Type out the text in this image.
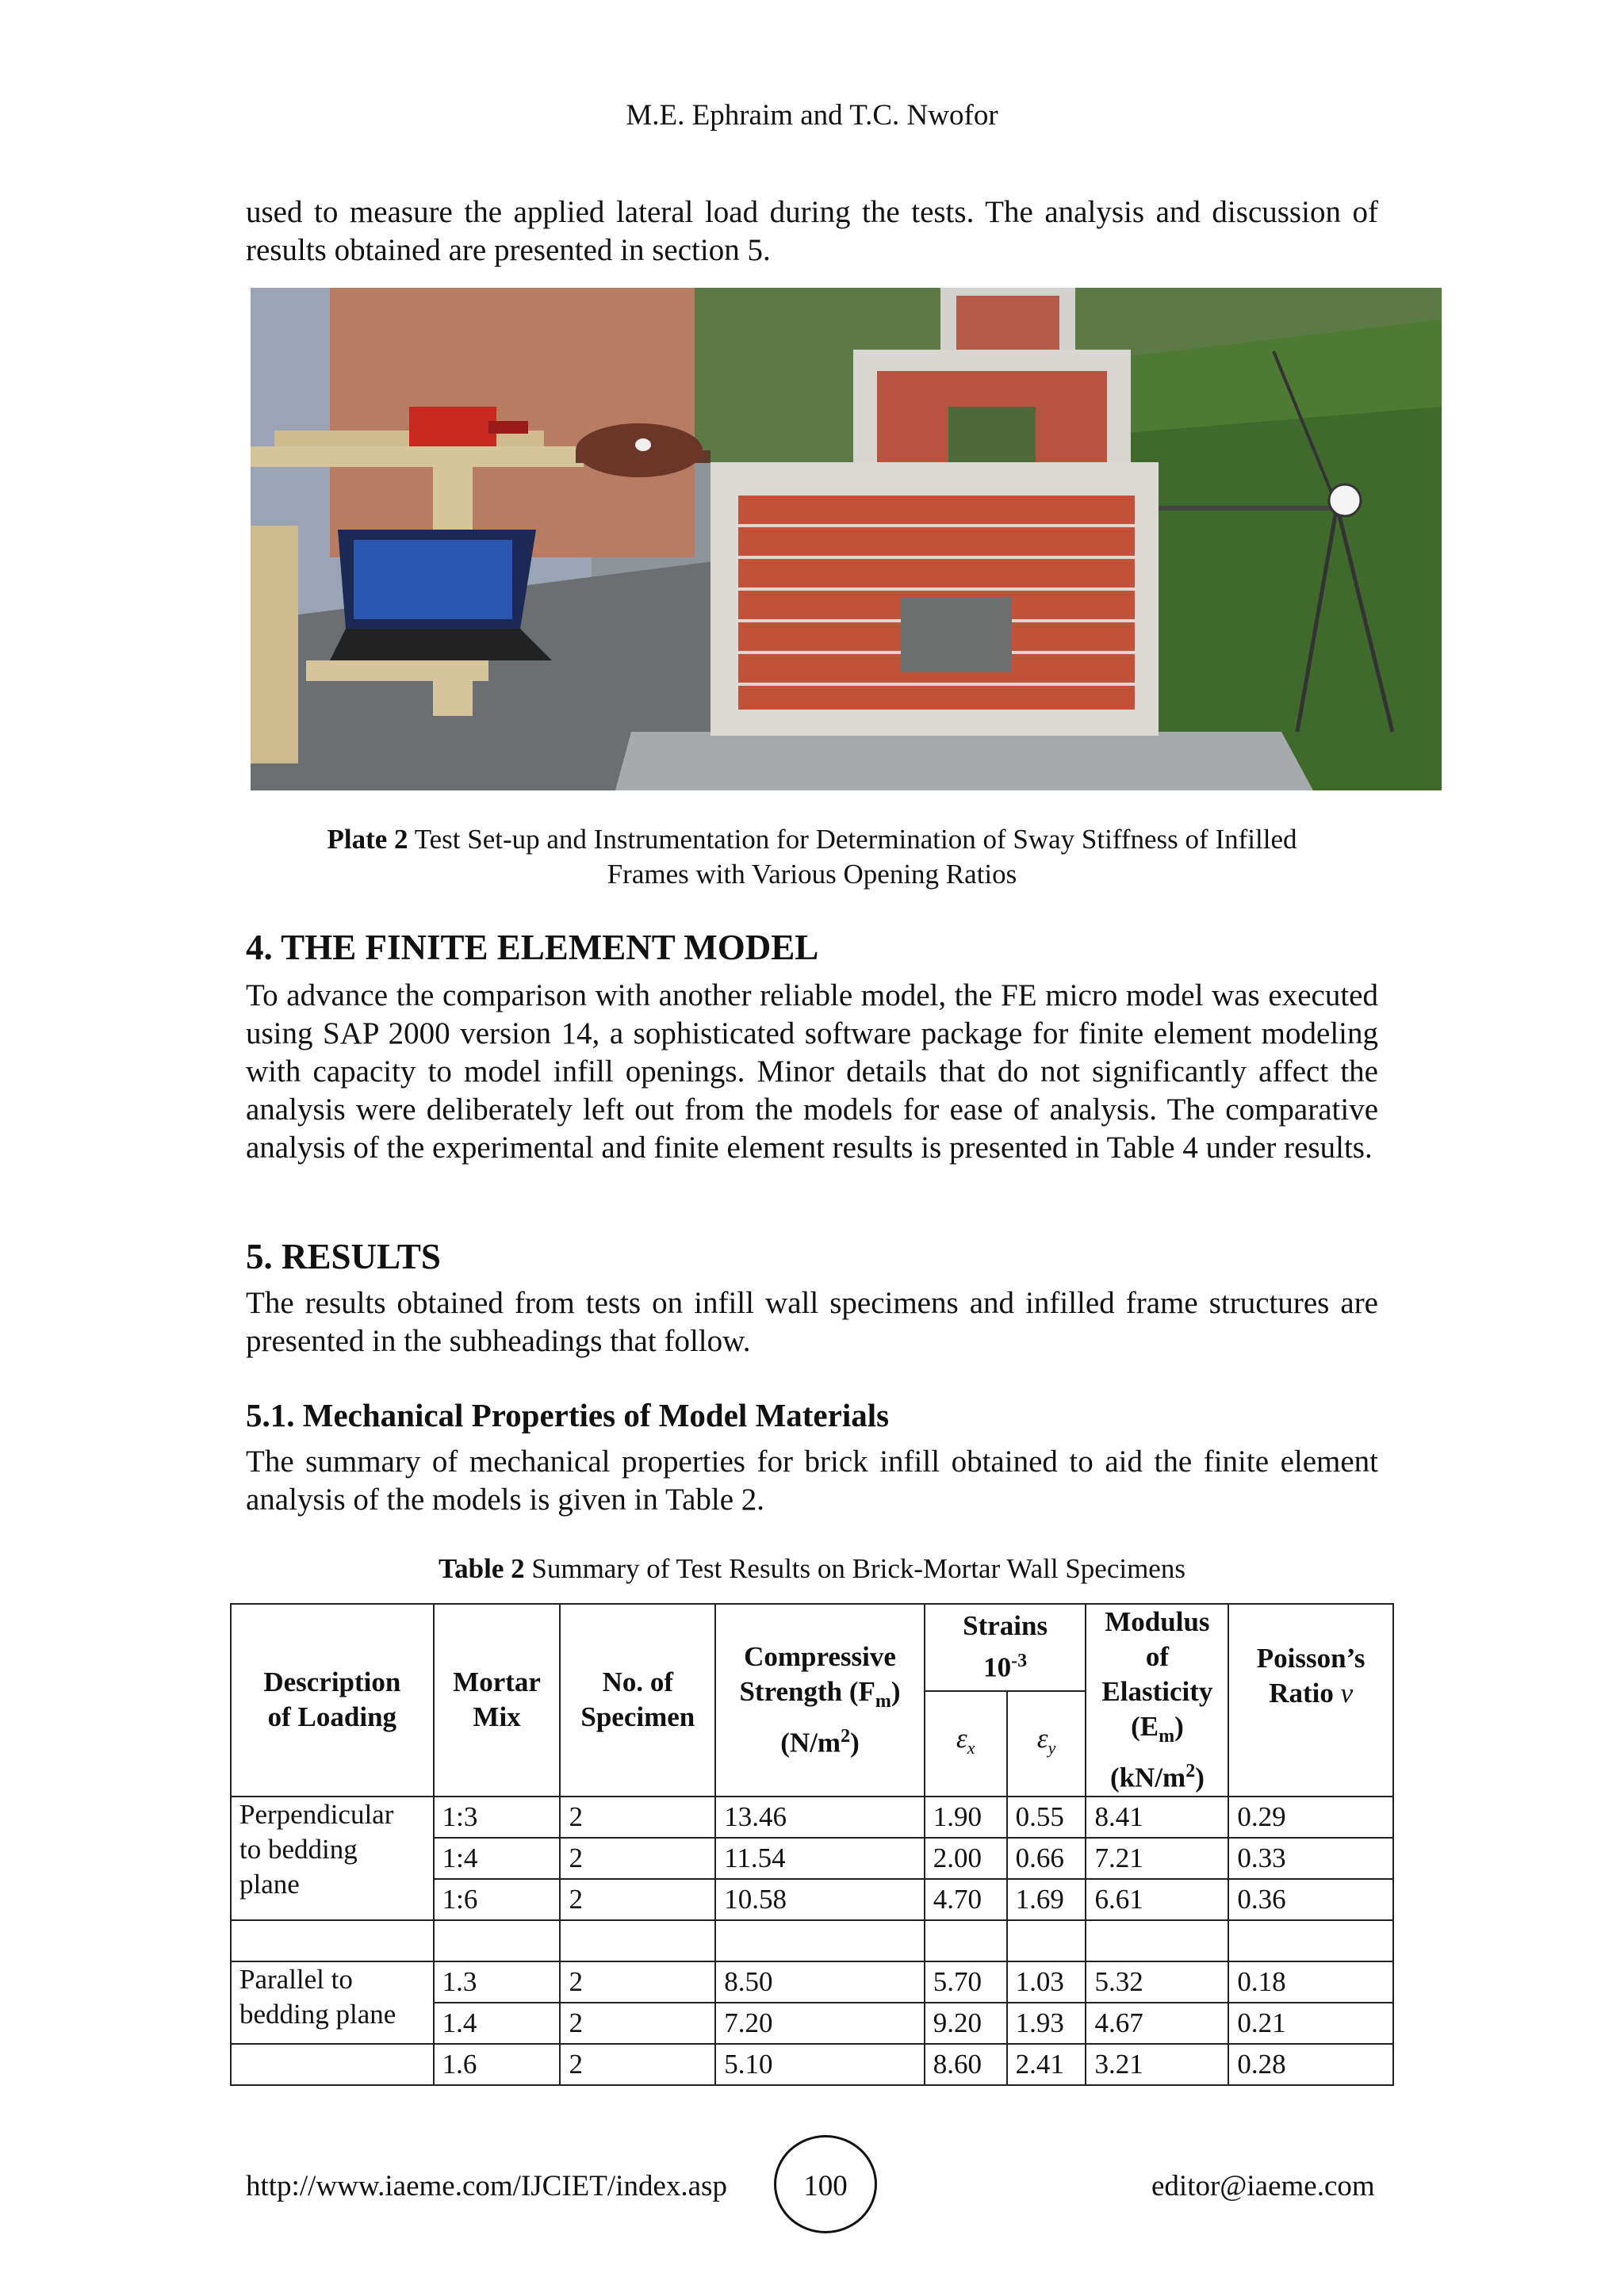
M.E. Ephraim and T.C. Nwofor

used to measure the applied lateral load during the tests. The analysis and discussion of results obtained are presented in section 5.

Plate 2 Test Set-up and Instrumentation for Determination of Sway Stiffness of Infilled
Frames with Various Opening Ratios
4. THE FINITE ELEMENT MODEL

To advance the comparison with another reliable model, the FE micro model was executed using SAP 2000 version 14, a sophisticated software package for finite element modeling with capacity to model infill openings. Minor details that do not significantly affect the analysis were deliberately left out from the models for ease of analysis. The comparative analysis of the experimental and finite element results is presented in Table 4 under results.

5. RESULTS

The results obtained from tests on infill wall specimens and infilled frame structures are presented in the subheadings that follow.

5.1. Mechanical Properties of Model Materials

The summary of mechanical properties for brick infill obtained to aid the finite element analysis of the models is given in Table 2.

Table 2 Summary of Test Results on Brick-Mortar Wall Specimens
Description
of Loading	Mortar
Mix	No. of
Specimen	Compressive
Strength $(F_m)$
$(N/m^2)$	Strains
$10^{-3}$		Modulus
of
Elasticity
$(E_m)$
$(kN/m^2)$	Poisson’s
Ratio ν
				$\varepsilon_x$	$\varepsilon_y$
Perpendicular
to bedding
plane	1:3	2	13.46	1.90	0.55	8.41	0.29
	1:4	2	11.54	2.00	0.66	7.21	0.33
	1:6	2	10.58	4.70	1.69	6.61	0.36

Parallel to
bedding plane	1.3	2	8.50	5.70	1.03	5.32	0.18
	1.4	2	7.20	9.20	1.93	4.67	0.21
	1.6	2	5.10	8.60	2.41	3.21	0.28
http://www.iaeme.com/IJCIET/index.asp	100	editor@iaeme.com
